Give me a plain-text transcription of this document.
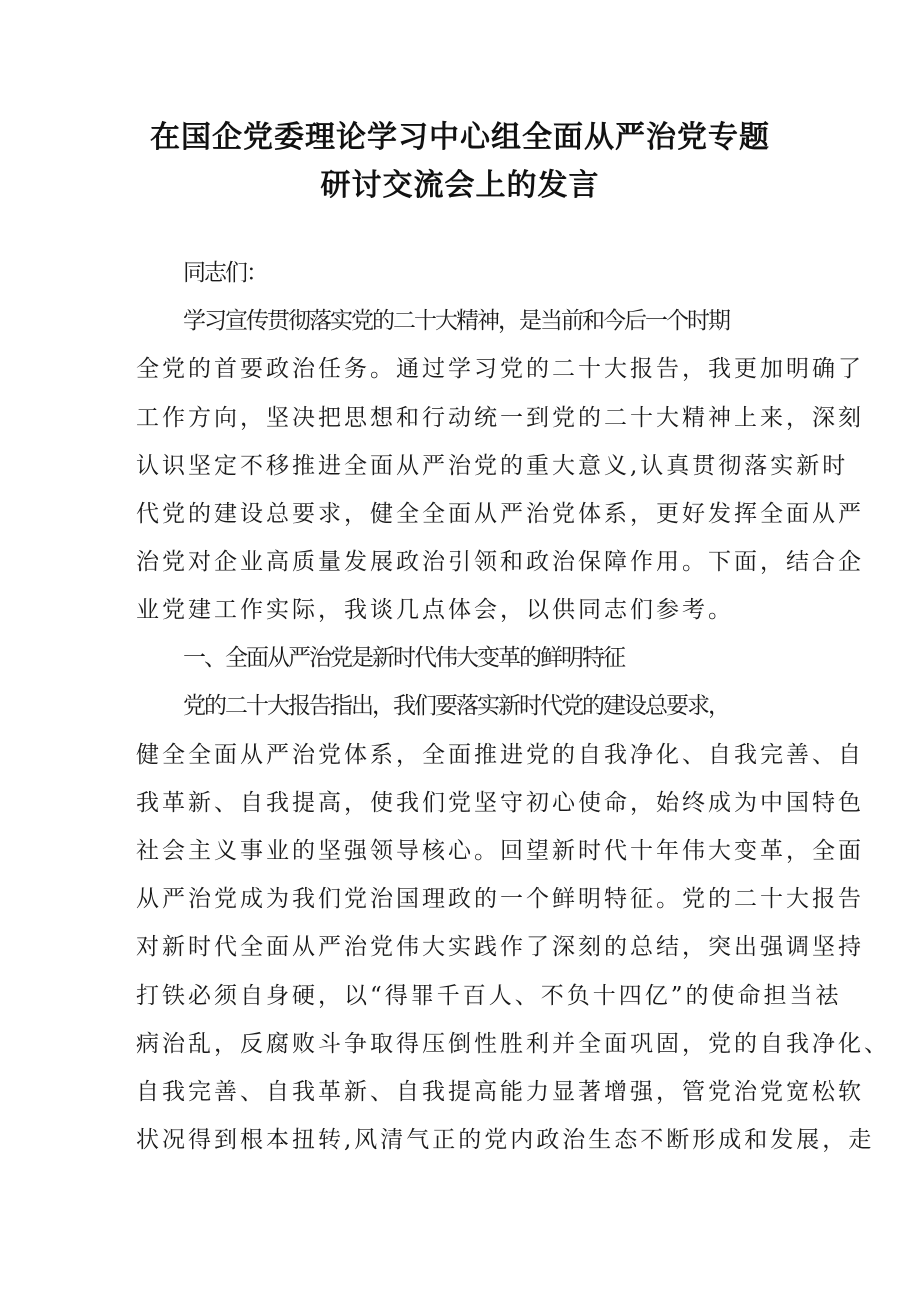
在国企党委理论学习中心组全面从严治党专题
研讨交流会上的发言

同志们：

学习宣传贯彻落实党的二十大精神，是当前和今后一个时期

全党的首要政治任务。通过学习党的二十大报告，我更加明确了

工作方向，坚决把思想和行动统一到党的二十大精神上来，深刻

认识坚定不移推进全面从严治党的重大意义,认真贯彻落实新时

代党的建设总要求，健全全面从严治党体系，更好发挥全面从严

治党对企业高质量发展政治引领和政治保障作用。下面，结合企

业党建工作实际，我谈几点体会，以供同志们参考。

一、全面从严治党是新时代伟大变革的鲜明特征

党的二十大报告指出，我们要落实新时代党的建设总要求，

健全全面从严治党体系，全面推进党的自我净化、自我完善、自

我革新、自我提高，使我们党坚守初心使命，始终成为中国特色

社会主义事业的坚强领导核心。回望新时代十年伟大变革，全面

从严治党成为我们党治国理政的一个鲜明特征。党的二十大报告

对新时代全面从严治党伟大实践作了深刻的总结，突出强调坚持

打铁必须自身硬，以“得罪千百人、不负十四亿”的使命担当祛

病治乱，反腐败斗争取得压倒性胜利并全面巩固，党的自我净化、

自我完善、自我革新、自我提高能力显著增强，管党治党宽松软

状况得到根本扭转,风清气正的党内政治生态不断形成和发展，走
